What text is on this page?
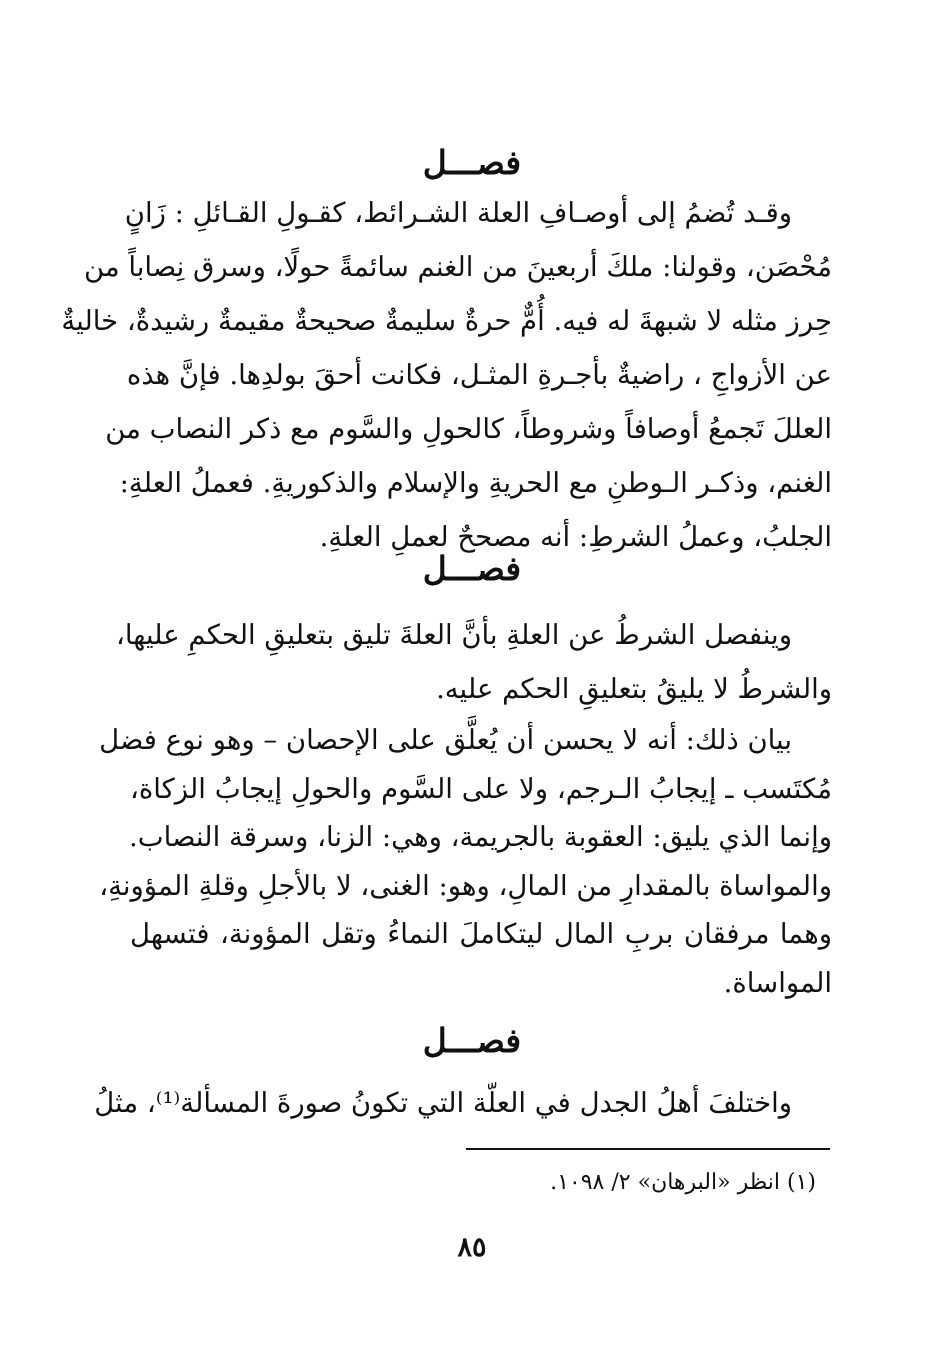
فصـــل
وقـد تُضمُ إلى أوصـافِ العلة الشـرائط، كقـولِ القـائلِ : زَانٍ
مُحْصَن، وقولنا: ملكَ أربعينَ من الغنم سائمةً حولًا، وسرق نِصاباً من
حِرز مثله لا شبهةَ له فيه. أُمٌّ حرةٌ سليمةٌ صحيحةٌ مقيمةٌ رشيدةٌ، خاليةٌ
عن الأزواجِ ، راضيةٌ بأجـرةِ المثـل، فكانت أحقَ بولدِها. فإنَّ هذه
العللَ تَجمعُ أوصافاً وشروطاً، كالحولِ والسَّوم مع ذكر النصاب من
الغنم، وذكـر الـوطنِ مع الحريةِ والإسلام والذكوريةِ. فعملُ العلةِ:
الجلبُ، وعملُ الشرطِ: أنه مصححٌ لعملِ العلةِ.
فصـــل
وينفصل الشرطُ عن العلةِ بأنَّ العلةَ تليق بتعليقِ الحكمِ عليها،
والشرطُ لا يليقُ بتعليقِ الحكم عليه.
بيان ذلك: أنه لا يحسن أن يُعلَّق على الإحصان – وهو نوع فضل
مُكتَسب ـ إيجابُ الـرجم، ولا على السَّوم والحولِ إيجابُ الزكاة،
وإنما الذي يليق: العقوبة بالجريمة، وهي: الزنا، وسرقة النصاب.
والمواساة بالمقدارِ من المالِ، وهو: الغنى، لا بالأجلِ وقلةِ المؤونةِ،
وهما مرفقان بربِ المال ليتكاملَ النماءُ وتقل المؤونة، فتسهل
المواساة.
فصـــل
واختلفَ أهلُ الجدل في العلّة التي تكونُ صورةَ المسألة⁽¹⁾، مثلُ
(١) انظر «البرهان» ٢/ ١٠٩٨.
٨٥
